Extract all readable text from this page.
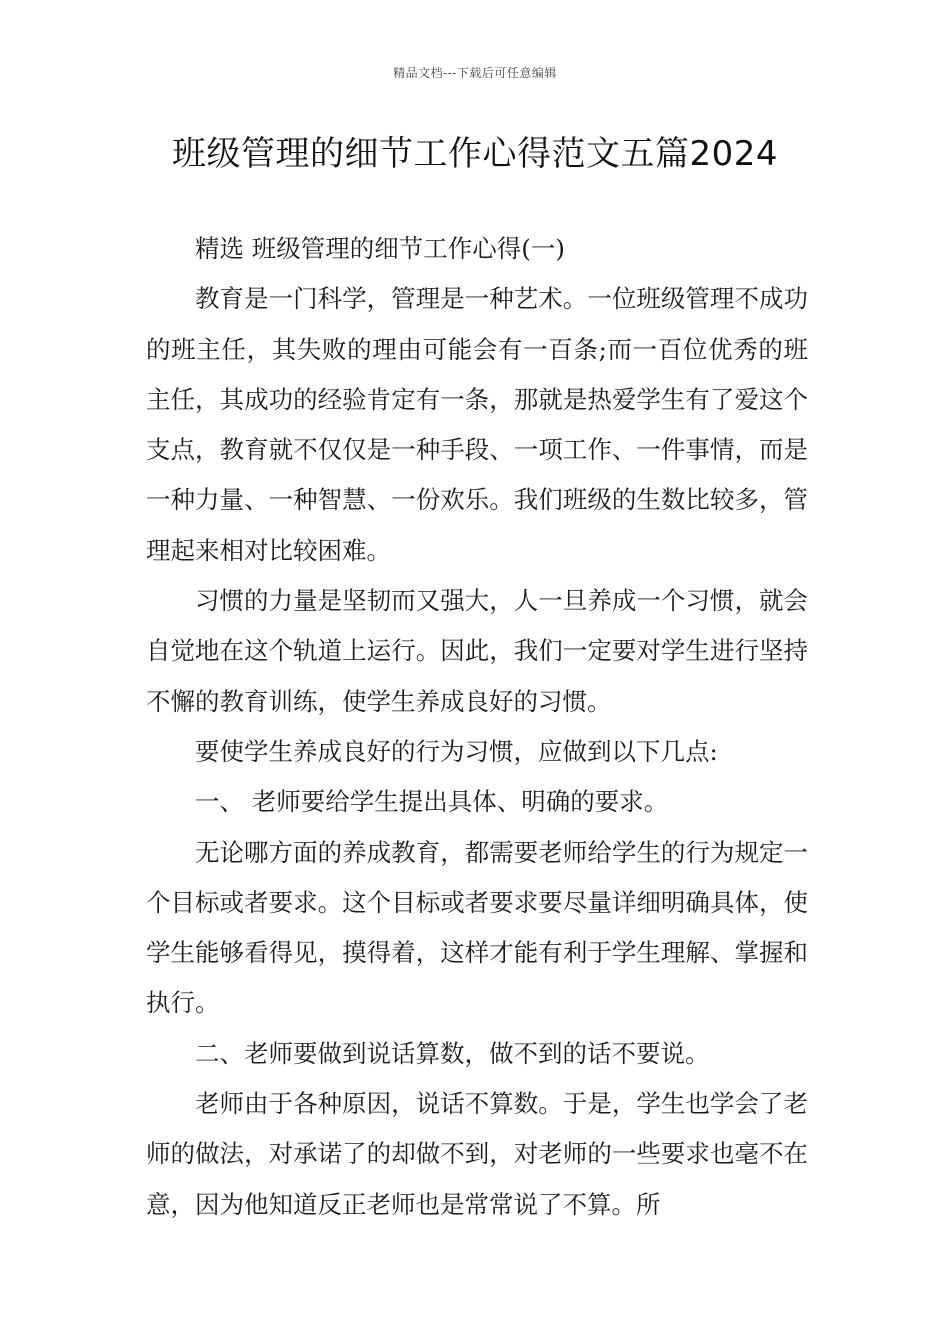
精品文档---下载后可任意编辑
班级管理的细节工作心得范文五篇2024

精选 班级管理的细节工作心得(一)

教育是一门科学，管理是一种艺术。一位班级管理不成功的班主任，其失败的理由可能会有一百条;而一百位优秀的班主任，其成功的经验肯定有一条，那就是热爱学生有了爱这个支点，教育就不仅仅是一种手段、一项工作、一件事情，而是一种力量、一种智慧、一份欢乐。我们班级的生数比较多，管理起来相对比较困难。

习惯的力量是坚韧而又强大，人一旦养成一个习惯，就会自觉地在这个轨道上运行。因此，我们一定要对学生进行坚持不懈的教育训练，使学生养成良好的习惯。

要使学生养成良好的行为习惯，应做到以下几点:

一、 老师要给学生提出具体、明确的要求。

无论哪方面的养成教育，都需要老师给学生的行为规定一个目标或者要求。这个目标或者要求要尽量详细明确具体，使学生能够看得见，摸得着，这样才能有利于学生理解、掌握和执行。

二、老师要做到说话算数，做不到的话不要说。

老师由于各种原因，说话不算数。于是，学生也学会了老师的做法，对承诺了的却做不到，对老师的一些要求也毫不在意，因为他知道反正老师也是常常说了不算。所
